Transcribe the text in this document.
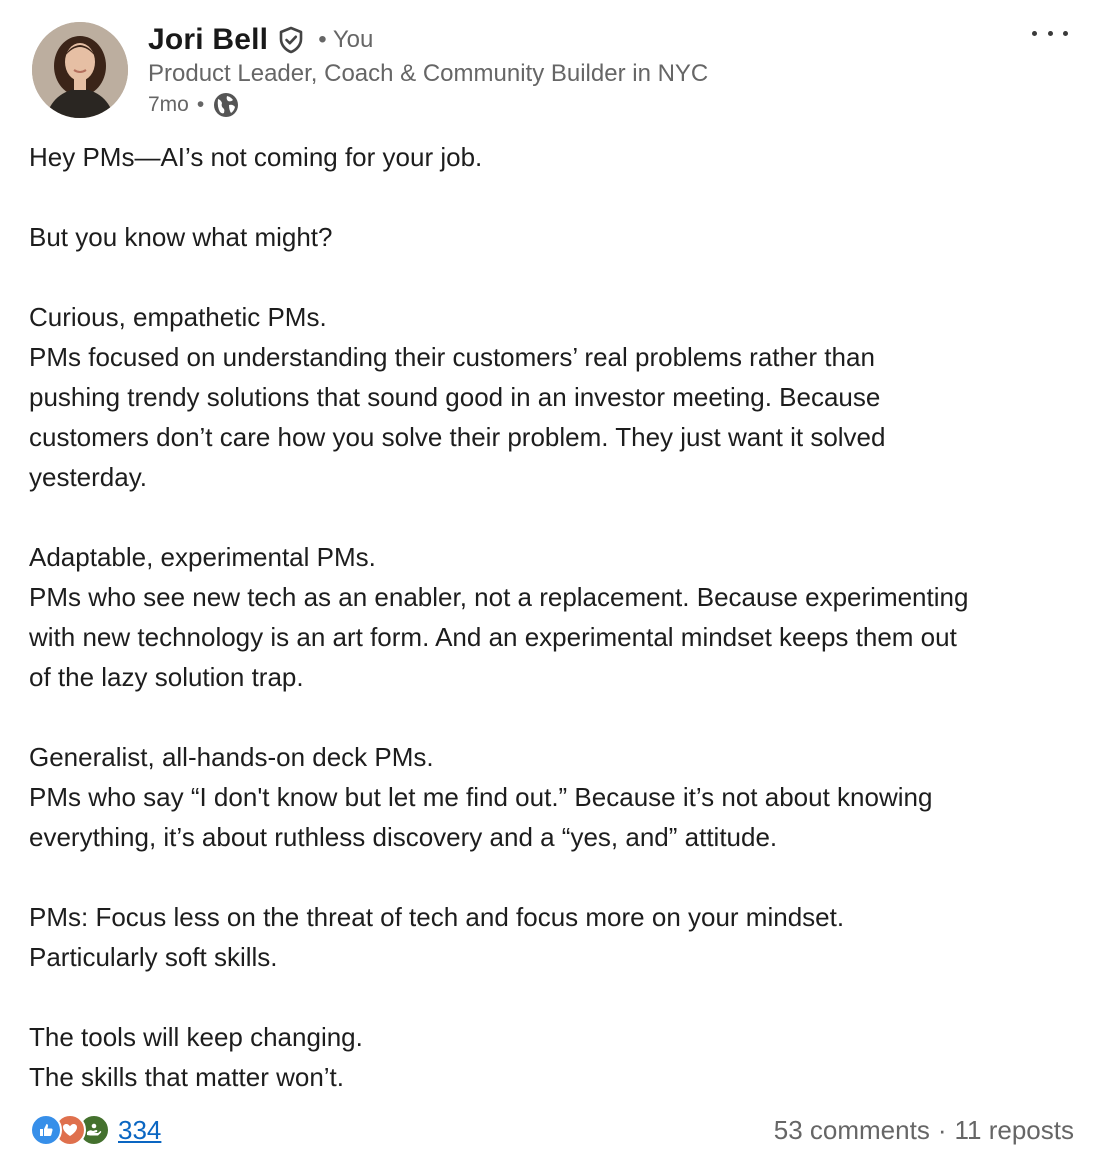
Jori Bell • You
Product Leader, Coach & Community Builder in NYC
7mo •

Hey PMs—AI’s not coming for your job.

But you know what might?

Curious, empathetic PMs.

PMs focused on understanding their customers’ real problems rather than

pushing trendy solutions that sound good in an investor meeting. Because

customers don’t care how you solve their problem. They just want it solved

yesterday.

Adaptable, experimental PMs.

PMs who see new tech as an enabler, not a replacement. Because experimenting

with new technology is an art form. And an experimental mindset keeps them out

of the lazy solution trap.

Generalist, all-hands-on deck PMs.

PMs who say “I don't know but let me find out.” Because it’s not about knowing

everything, it’s about ruthless discovery and a “yes, and” attitude.

PMs: Focus less on the threat of tech and focus more on your mindset.

Particularly soft skills.

The tools will keep changing.

The skills that matter won’t.

334	53 comments · 11 reposts
